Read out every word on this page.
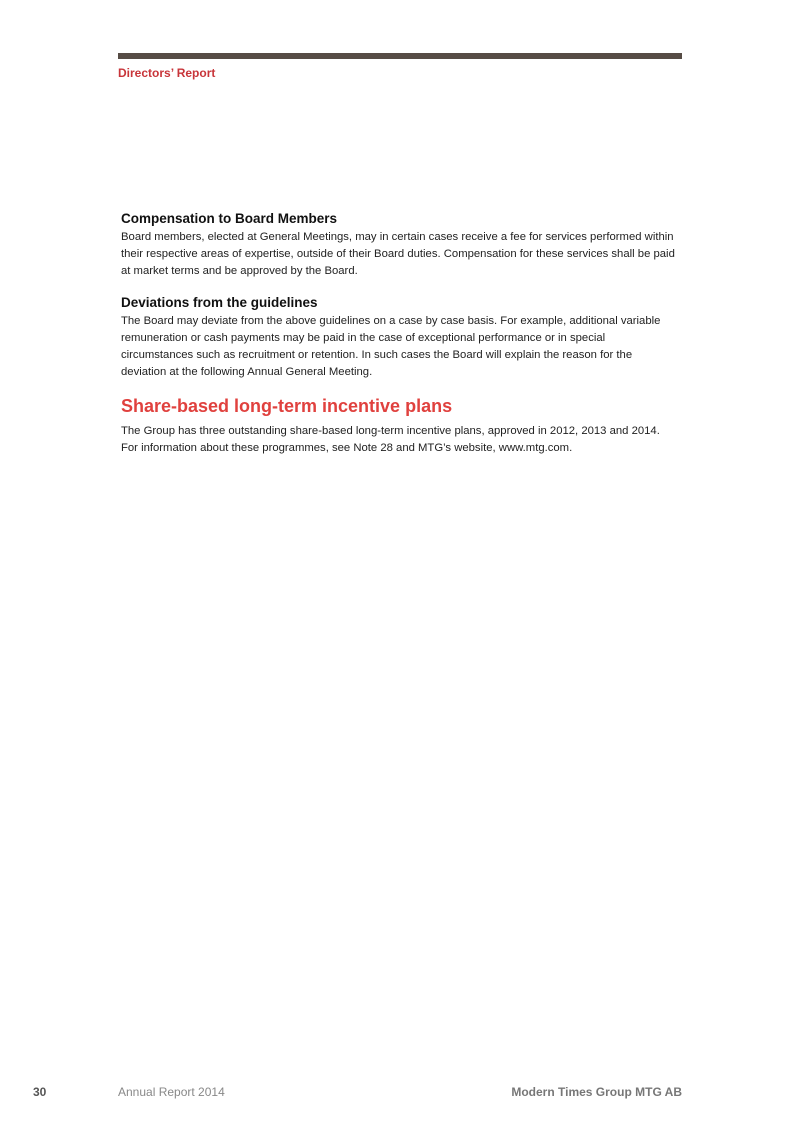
Directors’ Report
Compensation to Board Members

Board members, elected at General Meetings, may in certain cases receive a fee for services performed within their respective areas of expertise, outside of their Board duties. Compensation for these services shall be paid at market terms and be approved by the Board.

Deviations from the guidelines

The Board may deviate from the above guidelines on a case by case basis. For example, additional variable remuneration or cash payments may be paid in the case of exceptional performance or in special circumstances such as recruitment or retention. In such cases the Board will explain the reason for the deviation at the following Annual General Meeting.

Share-based long-term incentive plans

The Group has three outstanding share-based long-term incentive plans, approved in 2012, 2013 and 2014. For information about these programmes, see Note 28 and MTG’s website, www.mtg.com.

30	Annual Report 2014	Modern Times Group MTG AB
